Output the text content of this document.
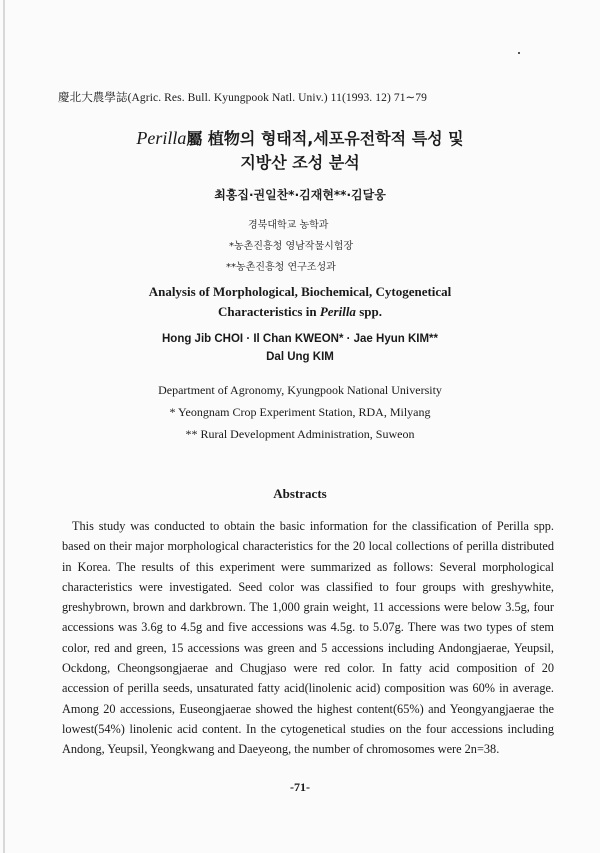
慶北大農學誌(Agric. Res. Bull. Kyungpook Natl. Univ.) 11(1993. 12) 71∼79
Perilla屬 植物의 형태적,세포유전학적 특성 및
지방산 조성 분석
최홍집·권일찬*·김재현**·김달웅
경북대학교 농학과
*농촌진흥청 영남작물시험장
**농촌진흥청 연구조성과
Analysis of Morphological, Biochemical, Cytogenetical
Characteristics in Perilla spp.
Hong Jib CHOI · Il Chan KWEON* · Jae Hyun KIM**
Dal Ung KIM
Department of Agronomy, Kyungpook National University
* Yeongnam Crop Experiment Station, RDA, Milyang
** Rural Development Administration, Suweon
Abstracts
This study was conducted to obtain the basic information for the classification of Perilla spp. based on their major morphological characteristics for the 20 local collections of perilla distributed in Korea. The results of this experiment were summarized as follows: Several morphological characteristics were investigated. Seed color was classified to four groups with greshywhite, greshybrown, brown and darkbrown. The 1,000 grain weight, 11 accessions were below 3.5g, four accessions was 3.6g to 4.5g and five accessions was 4.5g. to 5.07g. There was two types of stem color, red and green, 15 accessions was green and 5 accessions including Andongjaerae, Yeupsil, Ockdong, Cheongsongjaerae and Chugjaso were red color. In fatty acid composition of 20 accession of perilla seeds, unsaturated fatty acid(linolenic acid) composition was 60% in average. Among 20 accessions, Euseongjaerae showed the highest content(65%) and Yeongyangjaerae the lowest(54%) linolenic acid content. In the cytogenetical studies on the four accessions including Andong, Yeupsil, Yeongkwang and Daeyeong, the number of chromosomes were 2n=38.
-71-
